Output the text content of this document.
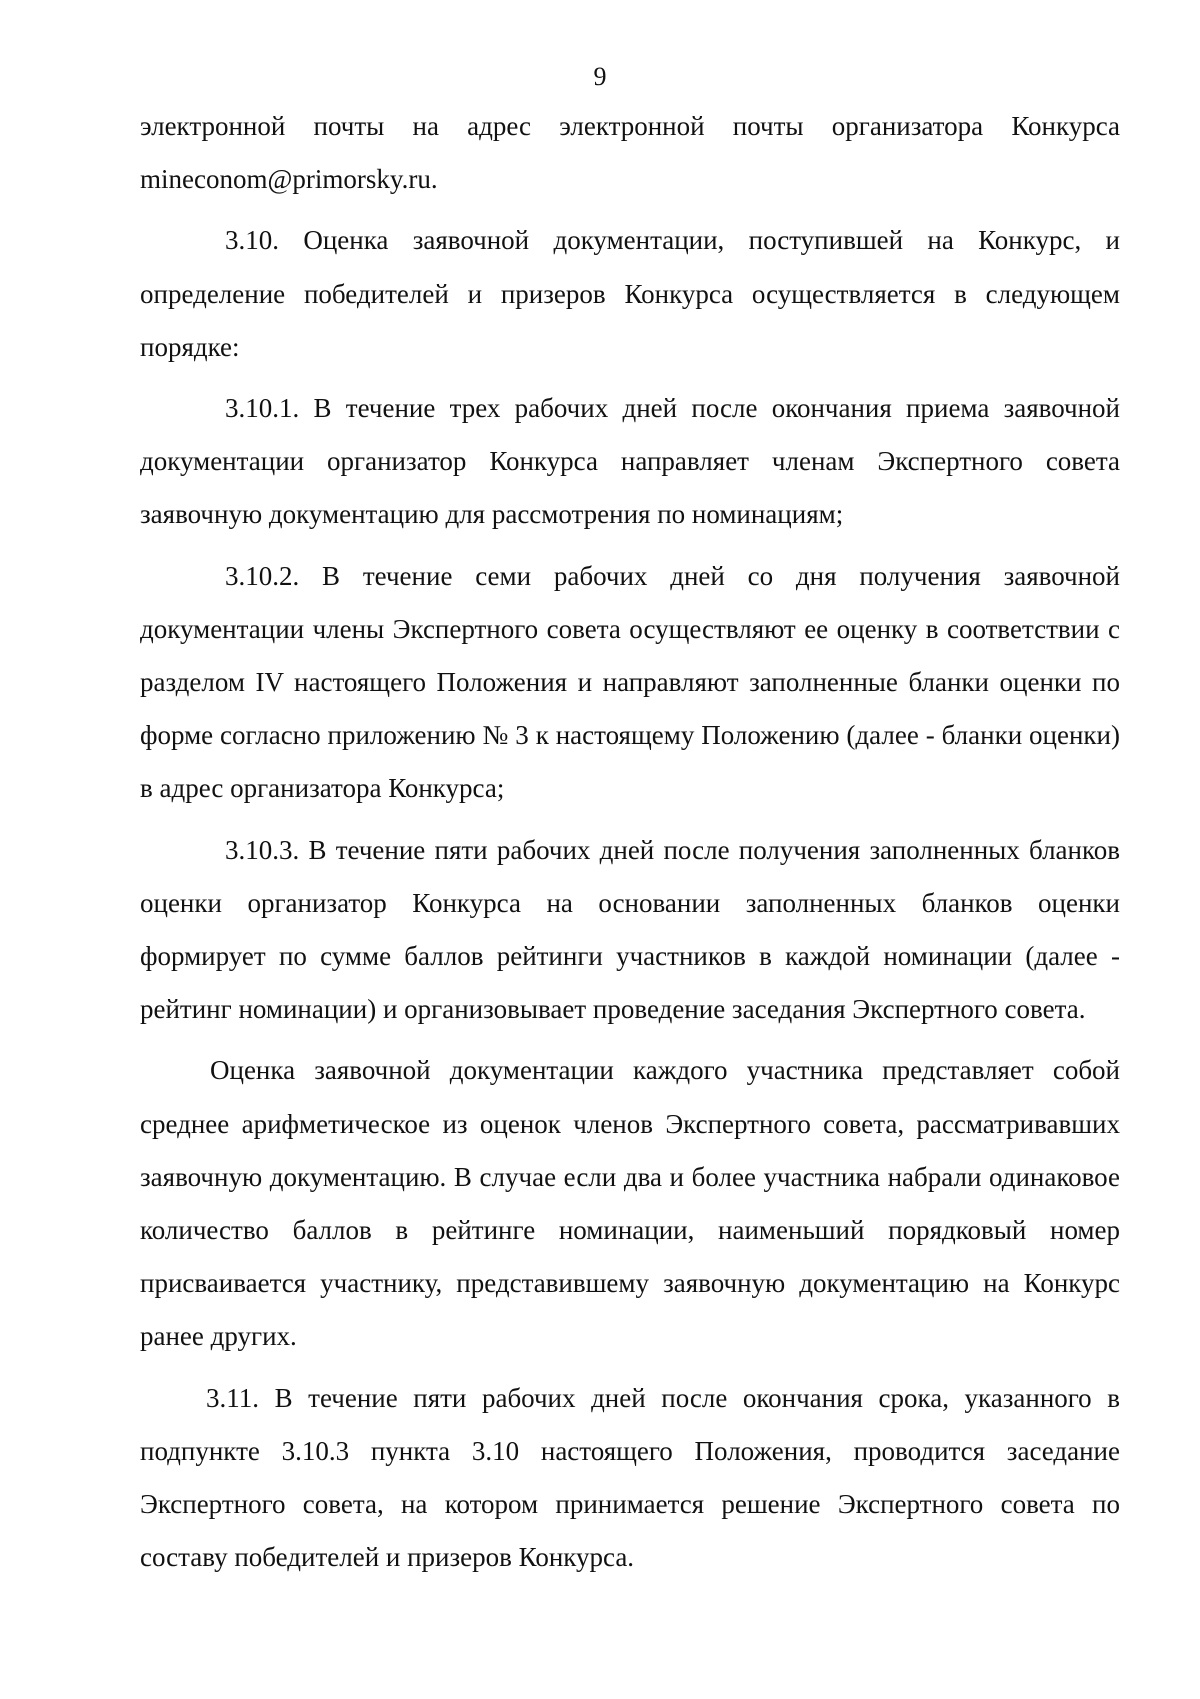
9

электронной почты на адрес электронной почты организатора Конкурса mineconom@primorsky.ru.

3.10. Оценка заявочной документации, поступившей на Конкурс, и определение победителей и призеров Конкурса осуществляется в следующем порядке:

3.10.1. В течение трех рабочих дней после окончания приема заявочной документации организатор Конкурса направляет членам Экспертного совета заявочную документацию для рассмотрения по номинациям;

3.10.2. В течение семи рабочих дней со дня получения заявочной документации члены Экспертного совета осуществляют ее оценку в соответствии с разделом IV настоящего Положения и направляют заполненные бланки оценки по форме согласно приложению № 3 к настоящему Положению (далее - бланки оценки) в адрес организатора Конкурса;

3.10.3. В течение пяти рабочих дней после получения заполненных бланков оценки организатор Конкурса на основании заполненных бланков оценки формирует по сумме баллов рейтинги участников в каждой номинации (далее - рейтинг номинации) и организовывает проведение заседания Экспертного совета.

Оценка заявочной документации каждого участника представляет собой среднее арифметическое из оценок членов Экспертного совета, рассматривавших заявочную документацию. В случае если два и более участника набрали одинаковое количество баллов в рейтинге номинации, наименьший порядковый номер присваивается участнику, представившему заявочную документацию на Конкурс ранее других.

3.11. В течение пяти рабочих дней после окончания срока, указанного в подпункте 3.10.3 пункта 3.10 настоящего Положения, проводится заседание Экспертного совета, на котором принимается решение Экспертного совета по составу победителей и призеров Конкурса.
